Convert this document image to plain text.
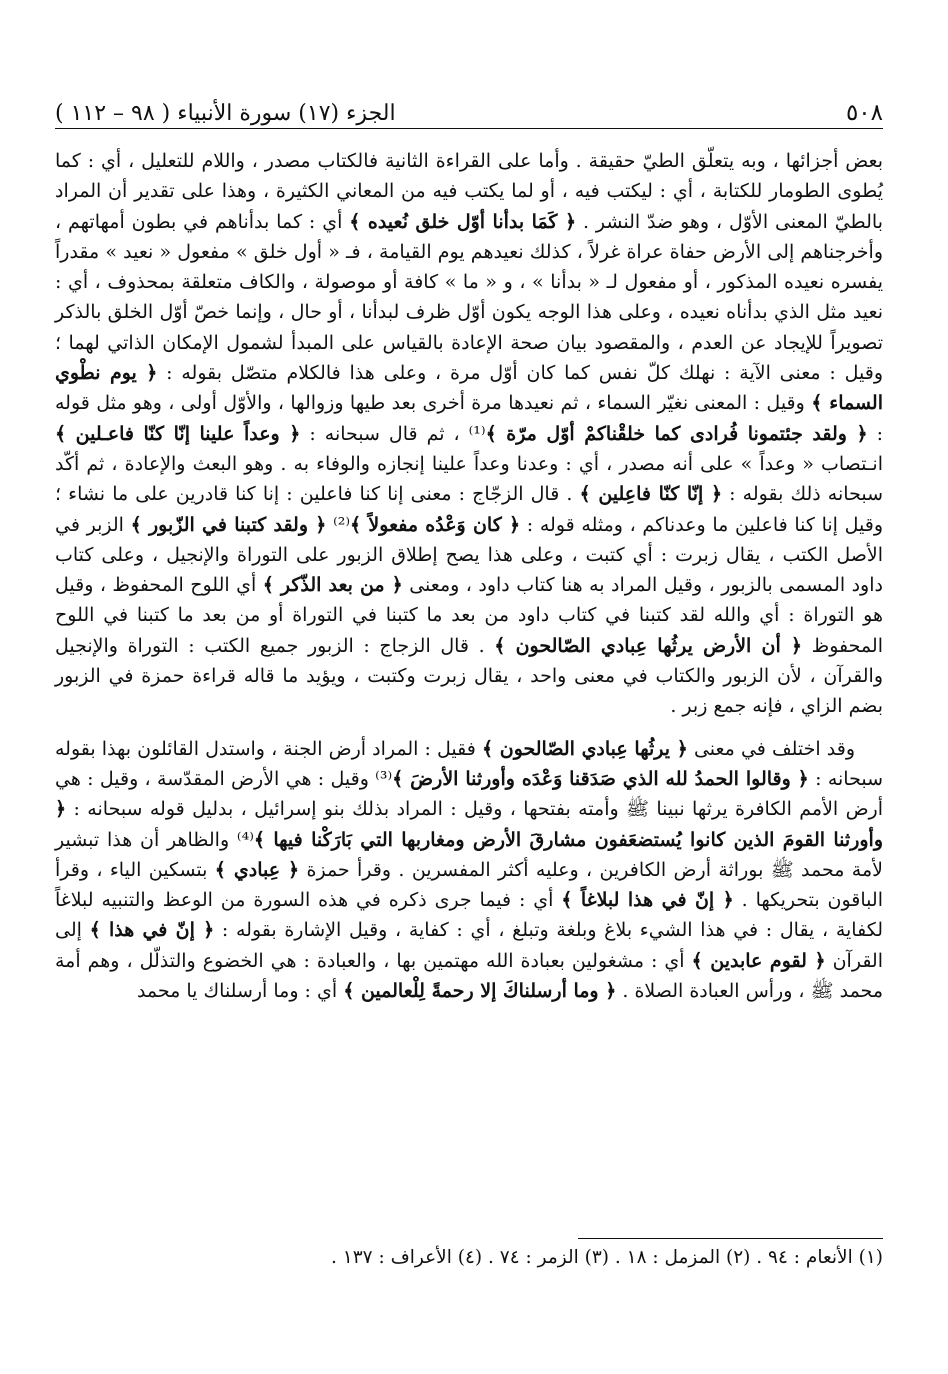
٥٠٨
الجزء (١٧) سورة الأنبياء ( ٩٨ – ١١٢ )

بعض أجزائها ، وبه يتعلّق الطيّ حقيقة . وأما على القراءة الثانية فالكتاب مصدر ، واللام للتعليل ، أي : كما يُطوى الطومار للكتابة ، أي : ليكتب فيه ، أو لما يكتب فيه من المعاني الكثيرة ، وهذا على تقدير أن المراد بالطيّ المعنى الأوّل ، وهو ضدّ النشر . ﴿ كَمَا بدأنا أوّل خلق نُعيده ﴾ أي : كما بدأناهم في بطون أمهاتهم ، وأخرجناهم إلى الأرض حفاة عراة غرلاً ، كذلك نعيدهم يوم القيامة ، فـ « أول خلق » مفعول « نعيد » مقدراً يفسره نعيده المذكور ، أو مفعول لـ « بدأنا » ، و « ما » كافة أو موصولة ، والكاف متعلقة بمحذوف ، أي : نعيد مثل الذي بدأناه نعيده ، وعلى هذا الوجه يكون أوّل ظرف لبدأنا ، أو حال ، وإنما خصّ أوّل الخلق بالذكر تصويراً للإيجاد عن العدم ، والمقصود بيان صحة الإعادة بالقياس على المبدأ لشمول الإمكان الذاتي لهما ؛ وقيل : معنى الآية : نهلك كلّ نفس كما كان أوّل مرة ، وعلى هذا فالكلام متصّل بقوله : ﴿ يوم نطْوي السماء ﴾ وقيل : المعنى نغيّر السماء ، ثم نعيدها مرة أخرى بعد طيها وزوالها ، والأوّل أولى ، وهو مثل قوله : ﴿ ولقد جئتمونا فُرادى كما خلقْناكمْ أوّل مرّة ﴾⁽¹⁾ ، ثم قال سبحانه : ﴿ وعداً علينا إنّا كنّا فاعـلين ﴾ انـتصاب « وعداً » على أنه مصدر ، أي : وعدنا وعداً علينا إنجازه والوفاء به . وهو البعث والإعادة ، ثم أكّد سبحانه ذلك بقوله : ﴿ إنّا كنّا فاعِلين ﴾ . قال الزجّاج : معنى إنا كنا فاعلين : إنا كنا قادرين على ما نشاء ؛ وقيل إنا كنا فاعلين ما وعدناكم ، ومثله قوله : ﴿ كان وَعْدُه مفعولاً ﴾⁽²⁾ ﴿ ولقد كتبنا في الزّبور ﴾ الزبر في الأصل الكتب ، يقال زبرت : أي كتبت ، وعلى هذا يصح إطلاق الزبور على التوراة والإنجيل ، وعلى كتاب داود المسمى بالزبور ، وقيل المراد به هنا كتاب داود ، ومعنى ﴿ من بعد الذّكر ﴾ أي اللوح المحفوظ ، وقيل هو التوراة : أي والله لقد كتبنا في كتاب داود من بعد ما كتبنا في التوراة أو من بعد ما كتبنا في اللوح المحفوظ ﴿ أن الأرض يرثُها عِبادي الصّالحون ﴾ . قال الزجاج : الزبور جميع الكتب : التوراة والإنجيل والقرآن ، لأن الزبور والكتاب في معنى واحد ، يقال زبرت وكتبت ، ويؤيد ما قاله قراءة حمزة في الزبور بضم الزاي ، فإنه جمع زبر .

وقد اختلف في معنى ﴿ يرثُها عِبادي الصّالحون ﴾ فقيل : المراد أرض الجنة ، واستدل القائلون بهذا بقوله سبحانه : ﴿ وقالوا الحمدُ لله الذي صَدَقنا وَعْدَه وأورثنا الأرضَ ﴾⁽³⁾ وقيل : هي الأرض المقدّسة ، وقيل : هي أرض الأمم الكافرة يرثها نبينا ﷺ وأمته بفتحها ، وقيل : المراد بذلك بنو إسرائيل ، بدليل قوله سبحانه : ﴿ وأورثنا القومَ الذين كانوا يُستضعَفون مشارقَ الأرض ومغاربها التي بَارَكْنا فيها ﴾⁽⁴⁾ والظاهر أن هذا تبشير لأمة محمد ﷺ بوراثة أرض الكافرين ، وعليه أكثر المفسرين . وقرأ حمزة ﴿ عِبادي ﴾ بتسكين الياء ، وقرأ الباقون بتحريكها . ﴿ إنّ في هذا لبلاغاً ﴾ أي : فيما جرى ذكره في هذه السورة من الوعظ والتنبيه لبلاغاً لكفاية ، يقال : في هذا الشيء بلاغ وبلغة وتبلغ ، أي : كفاية ، وقيل الإشارة بقوله : ﴿ إنّ في هذا ﴾ إلى القرآن ﴿ لقوم عابدين ﴾ أي : مشغولين بعبادة الله مهتمين بها ، والعبادة : هي الخضوع والتذلّل ، وهم أمة محمد ﷺ ، ورأس العبادة الصلاة . ﴿ وما أرسلناكَ إلا رحمةً لِلْعالمين ﴾ أي : وما أرسلناك يا محمد

(١) الأنعام : ٩٤ . (٢) المزمل : ١٨ . (٣) الزمر : ٧٤ . (٤) الأعراف : ١٣٧ .
